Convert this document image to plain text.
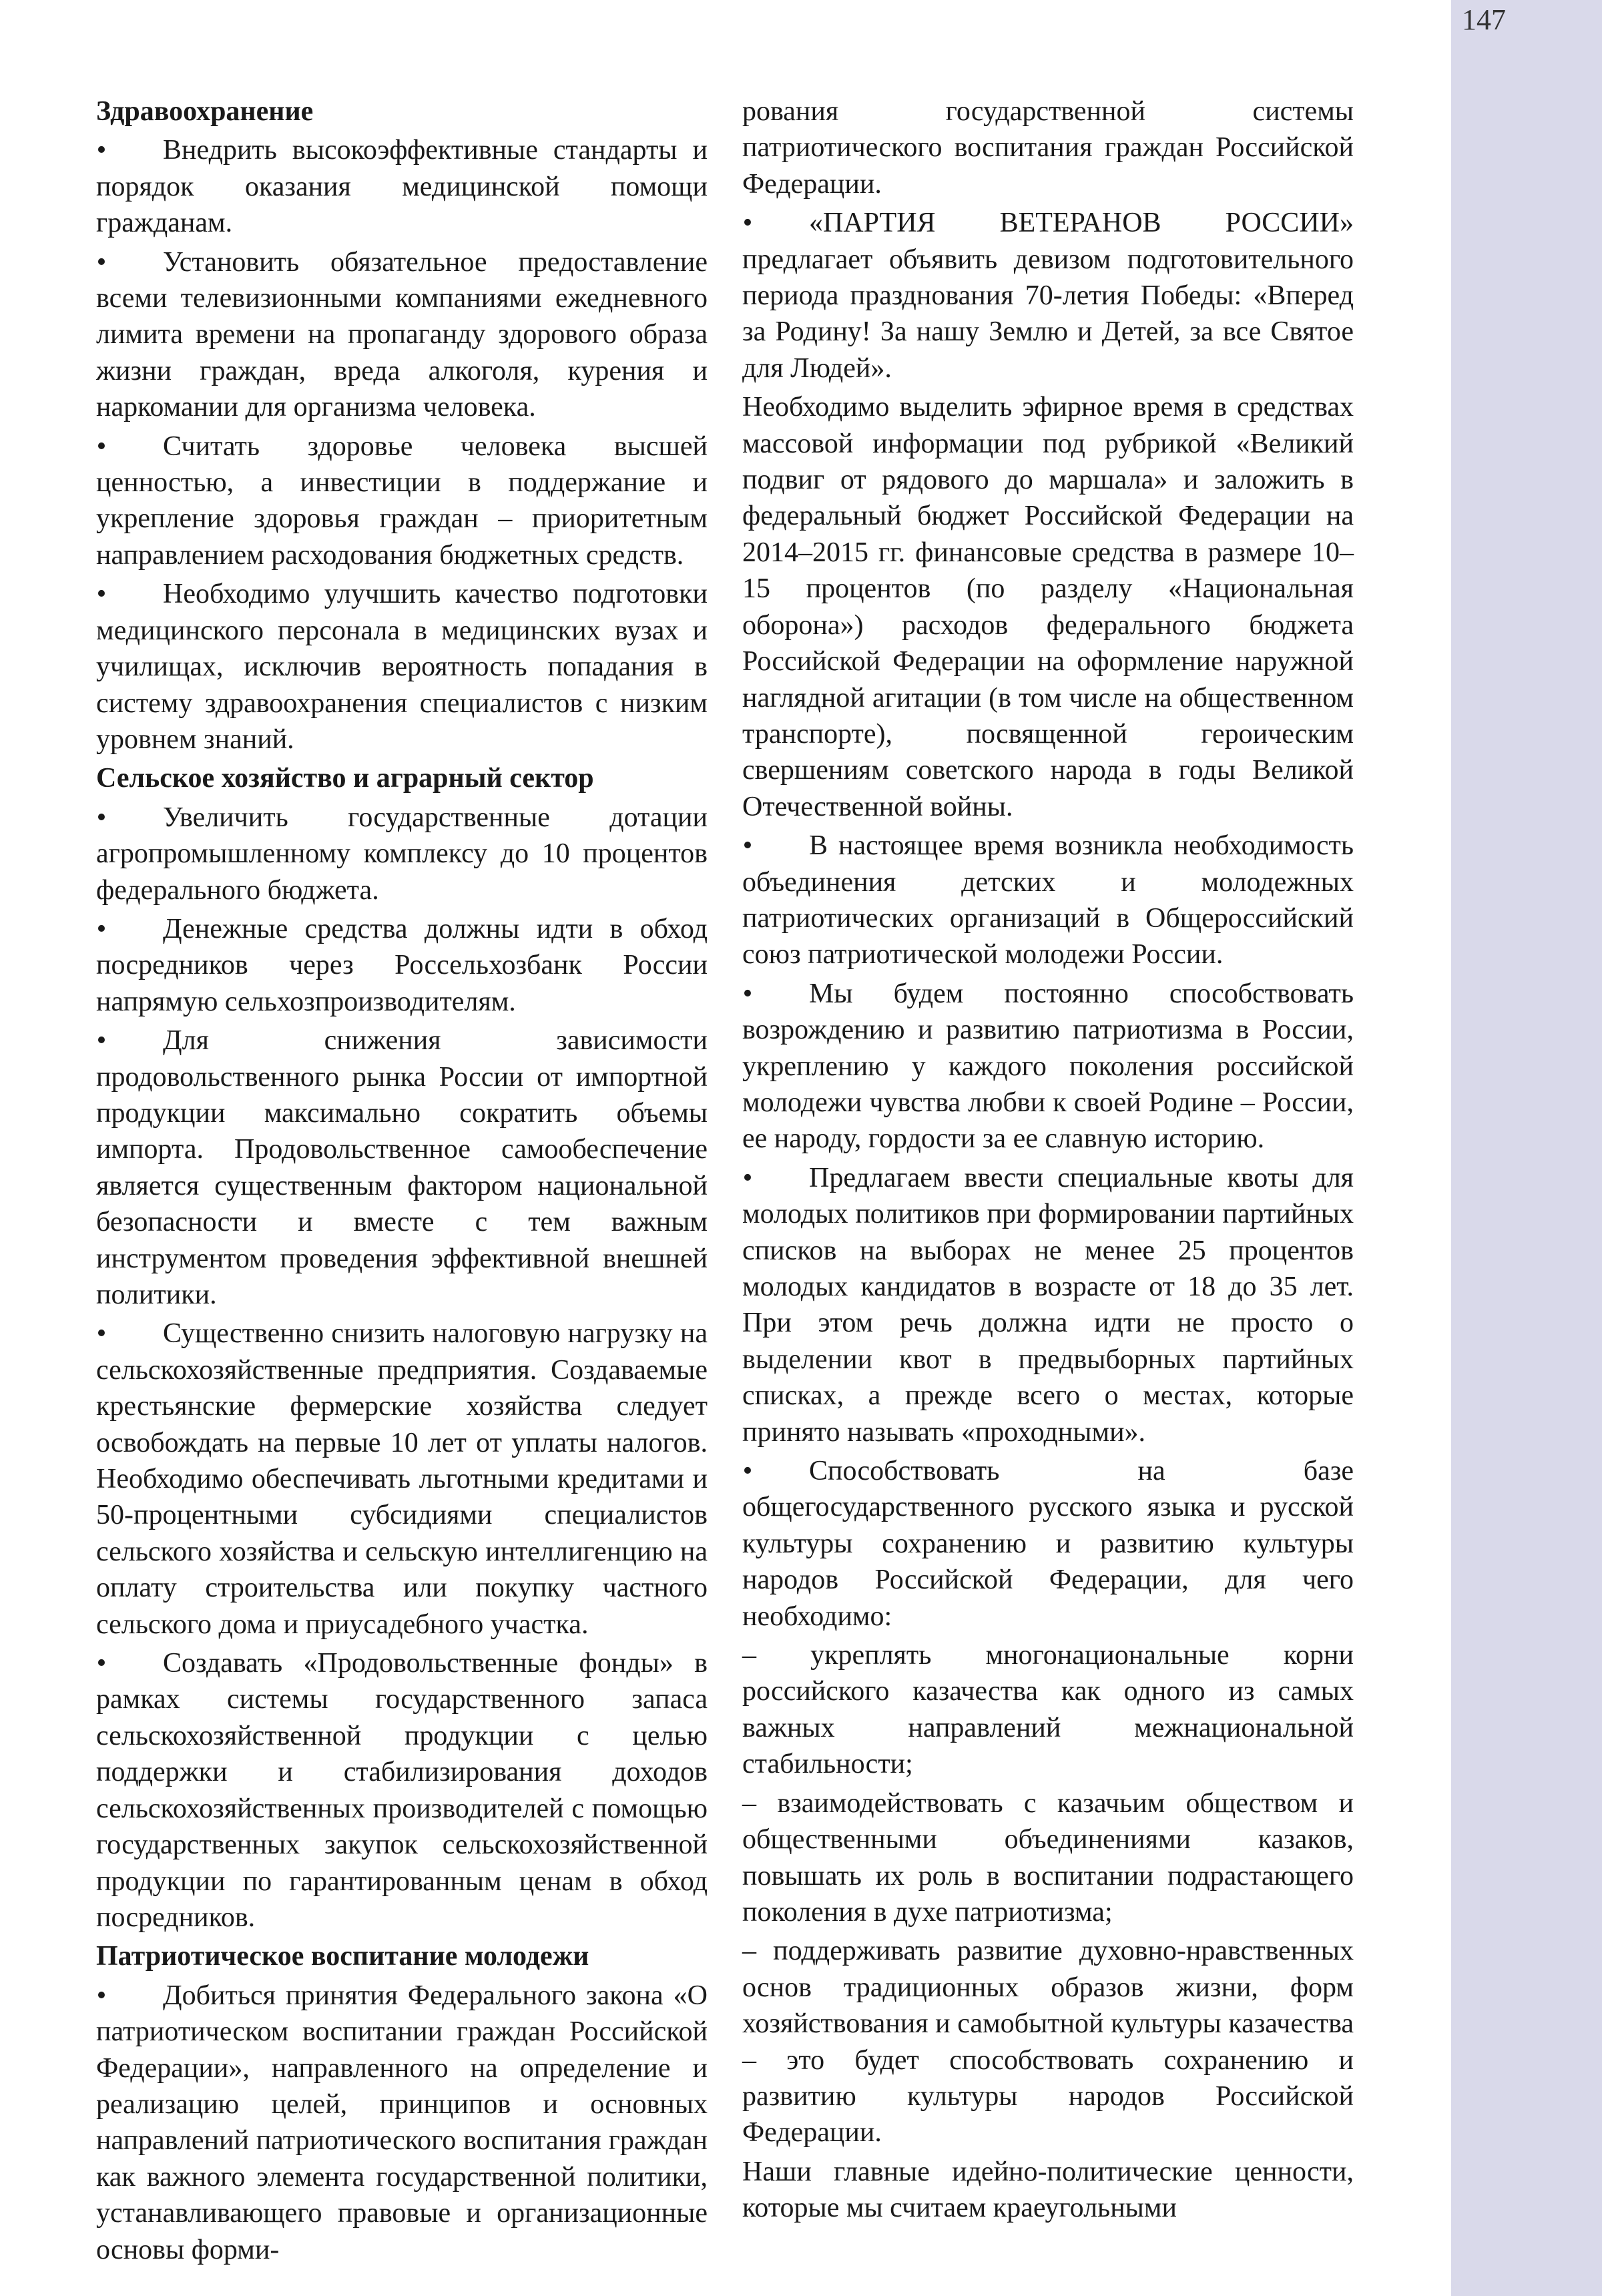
147

Здравоохранение

• Внедрить высокоэффективные стандарты и порядок оказания медицинской помощи гражданам.

• Установить обязательное предоставление всеми телевизионными компаниями ежедневного лимита времени на пропаганду здорового образа жизни граждан, вреда алкоголя, курения и наркомании для организма человека.

• Считать здоровье человека высшей ценностью, а инвестиции в поддержание и укрепление здоровья граждан – приоритетным направлением расходования бюджетных средств.

• Необходимо улучшить качество подготовки медицинского персонала в медицинских вузах и училищах, исключив вероятность попадания в систему здравоохранения специалистов с низким уровнем знаний.

Сельское хозяйство и аграрный сектор

• Увеличить государственные дотации агропромышленному комплексу до 10 процентов федерального бюджета.

• Денежные средства должны идти в обход посредников через Россельхозбанк России напрямую сельхозпроизводителям.

• Для снижения зависимости продовольственного рынка России от импортной продукции максимально сократить объемы импорта. Продовольственное самообеспечение является существенным фактором национальной безопасности и вместе с тем важным инструментом проведения эффективной внешней политики.

• Существенно снизить налоговую нагрузку на сельскохозяйственные предприятия. Создаваемые крестьянские фермерские хозяйства следует освобождать на первые 10 лет от уплаты налогов. Необходимо обеспечивать льготными кредитами и 50-процентными субсидиями специалистов сельского хозяйства и сельскую интеллигенцию на оплату строительства или покупку частного сельского дома и приусадебного участка.

• Создавать «Продовольственные фонды» в рамках системы государственного запаса сельскохозяйственной продукции с целью поддержки и стабилизирования доходов сельскохозяйственных производителей с помощью государственных закупок сельскохозяйственной продукции по гарантированным ценам в обход посредников.

Патриотическое воспитание молодежи

• Добиться принятия Федерального закона «О патриотическом воспитании граждан Российской Федерации», направленного на определение и реализацию целей, принципов и основных направлений патриотического воспитания граждан как важного элемента государственной политики, устанавливающего правовые и организационные основы форми-

рования государственной системы патриотического воспитания граждан Российской Федерации.

• «ПАРТИЯ ВЕТЕРАНОВ РОССИИ» предлагает объявить девизом подготовительного периода празднования 70-летия Победы: «Вперед за Родину! За нашу Землю и Детей, за все Святое для Людей».

Необходимо выделить эфирное время в средствах массовой информации под рубрикой «Великий подвиг от рядового до маршала» и заложить в федеральный бюджет Российской Федерации на 2014–2015 гг. финансовые средства в размере 10–15 процентов (по разделу «Национальная оборона») расходов федерального бюджета Российской Федерации на оформление наружной наглядной агитации (в том числе на общественном транспорте), посвященной героическим свершениям советского народа в годы Великой Отечественной войны.

• В настоящее время возникла необходимость объединения детских и молодежных патриотических организаций в Общероссийский союз патриотической молодежи России.

• Мы будем постоянно способствовать возрождению и развитию патриотизма в России, укреплению у каждого поколения российской молодежи чувства любви к своей Родине – России, ее народу, гордости за ее славную историю.

• Предлагаем ввести специальные квоты для молодых политиков при формировании партийных списков на выборах не менее 25 процентов молодых кандидатов в возрасте от 18 до 35 лет. При этом речь должна идти не просто о выделении квот в предвыборных партийных списках, а прежде всего о местах, которые принято называть «проходными».

• Способствовать на базе общегосударственного русского языка и русской культуры сохранению и развитию культуры народов Российской Федерации, для чего необходимо:

– укреплять многонациональные корни российского казачества как одного из самых важных направлений межнациональной стабильности;

– взаимодействовать с казачьим обществом и общественными объединениями казаков, повышать их роль в воспитании подрастающего поколения в духе патриотизма;

– поддерживать развитие духовно-нравственных основ традиционных образов жизни, форм хозяйствования и самобытной культуры казачества – это будет способствовать сохранению и развитию культуры народов Российской Федерации.

Наши главные идейно-политические ценности, которые мы считаем краеугольными
